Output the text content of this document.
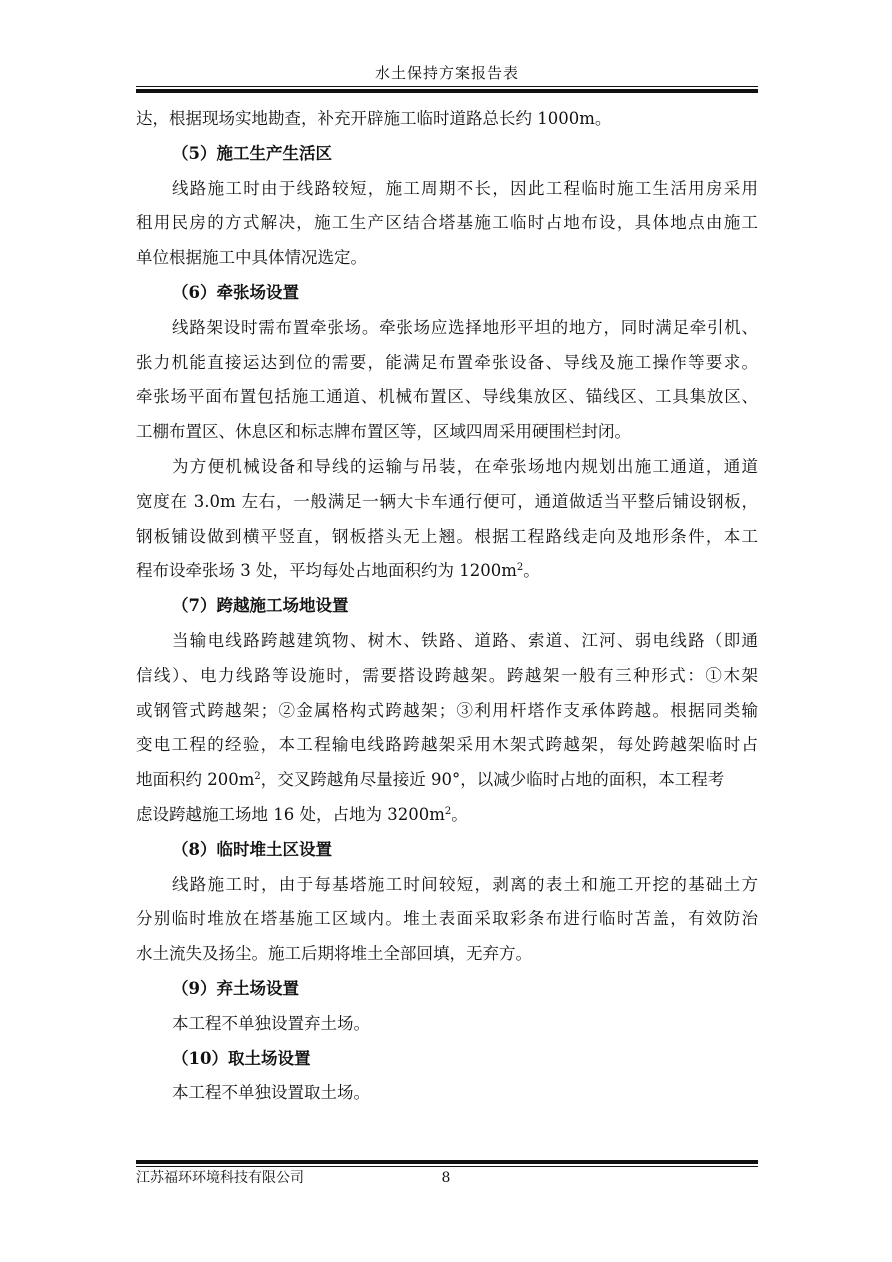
水土保持方案报告表
达，根据现场实地勘查，补充开辟施工临时道路总长约 1000m。
（5）施工生产生活区
线路施工时由于线路较短，施工周期不长，因此工程临时施工生活用房采用
租用民房的方式解决，施工生产区结合塔基施工临时占地布设，具体地点由施工
单位根据施工中具体情况选定。
（6）牵张场设置
线路架设时需布置牵张场。牵张场应选择地形平坦的地方，同时满足牵引机、
张力机能直接运达到位的需要，能满足布置牵张设备、导线及施工操作等要求。
牵张场平面布置包括施工通道、机械布置区、导线集放区、锚线区、工具集放区、
工棚布置区、休息区和标志牌布置区等，区域四周采用硬围栏封闭。
为方便机械设备和导线的运输与吊装，在牵张场地内规划出施工通道，通道
宽度在 3.0m 左右，一般满足一辆大卡车通行便可，通道做适当平整后铺设钢板，
钢板铺设做到横平竖直，钢板搭头无上翘。根据工程路线走向及地形条件，本工
程布设牵张场 3 处，平均每处占地面积约为 $1200m^2$。
（7）跨越施工场地设置
当输电线路跨越建筑物、树木、铁路、道路、索道、江河、弱电线路（即通
信线）、电力线路等设施时，需要搭设跨越架。跨越架一般有三种形式：①木架
或钢管式跨越架；②金属格构式跨越架；③利用杆塔作支承体跨越。根据同类输
变电工程的经验，本工程输电线路跨越架采用木架式跨越架，每处跨越架临时占
地面积约 $200m^2$，交叉跨越角尽量接近 90°，以减少临时占地的面积，本工程考
虑设跨越施工场地 16 处，占地为 $3200m^2$。
（8）临时堆土区设置
线路施工时，由于每基塔施工时间较短，剥离的表土和施工开挖的基础土方
分别临时堆放在塔基施工区域内。堆土表面采取彩条布进行临时苫盖，有效防治
水土流失及扬尘。施工后期将堆土全部回填，无弃方。
（9）弃土场设置
本工程不单独设置弃土场。
（10）取土场设置
本工程不单独设置取土场。
江苏福环环境科技有限公司	8
